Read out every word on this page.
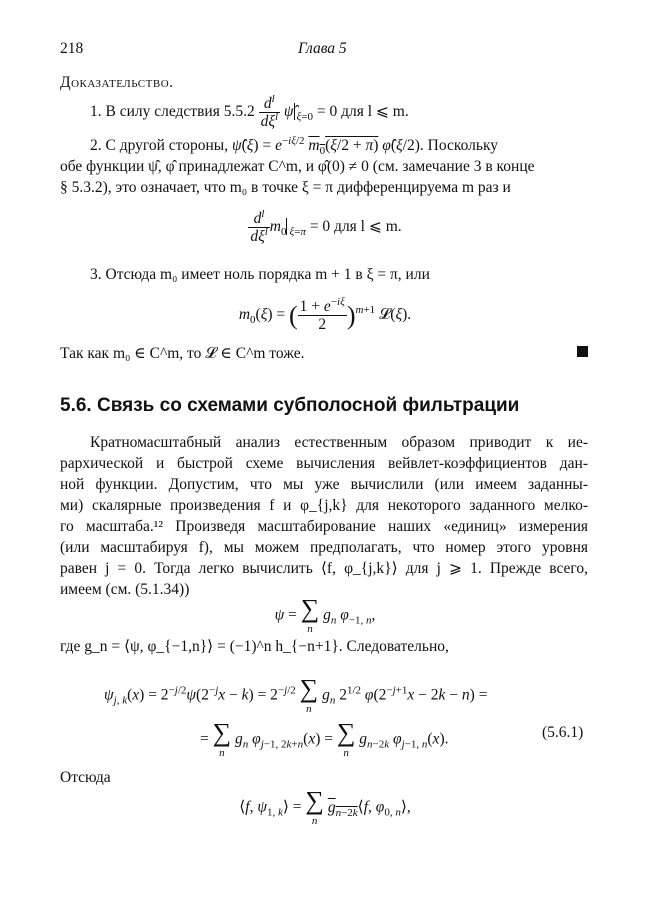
218	Глава 5
Доказательство.
1. В силу следствия $5.5.2 \frac{d^l}{d\xi^l}$ ψ̂ $_{\xi=0}$ = 0 для l ⩽ m.
2. С другой стороны, ψ̂(ξ) = $e^{-i\xi/2}$ $m_0(\xi/2 + \pi)$ φ̂(ξ/2). Поскольку
обе функции ψ̂, φ̂ принадлежат C^m, и φ̂(0) ≠ 0 (см. замечание 3 в конце
§ 5.3.2), это означает, что m₀ в точке ξ = π дифференцируема m раз и
$\frac{d^l}{d\xi^l} m_0$ $_{\xi=\pi}$ = 0 для l ⩽ m.
3. Отсюда m₀ имеет ноль порядка m + 1 в ξ = π, или
$m_0(\xi)$ = ( $\frac{1 + e^{-i\xi}}{2} )^{m+1}$ 𝓛(ξ).
Так как m₀ ∈ C^m, то 𝓛 ∈ C^m тоже.
5.6. Связь со схемами субполосной фильтрации
Кратномасштабный анализ естественным образом приводит к ие-
рархической и быстрой схеме вычисления вейвлет-коэффициентов дан-
ной функции. Допустим, что мы уже вычислили (или имеем заданны-
ми) скалярные произведения f и φ_{j,k} для некоторого заданного мелко-
го масштаба.¹² Произведя масштабирование наших «единиц» измерения
(или масштабируя f), мы можем предполагать, что номер этого уровня
равен j = 0. Тогда легко вычислить ⟨f, φ_{j,k}⟩ для j ⩾ 1. Прежде всего,
имеем (см. (5.1.34))
ψ = ∑
n
$g_n$ $\varphi_{-1, n}$,
где g_n = ⟨ψ, φ_{−1,n}⟩ = (−1)^n h_{−n+1}. Следовательно,
$\psi_{j, k}(x) = 2^{-j/2}\psi(2^{-j}x - k) = 2^{-j/2}$ ∑
n
$g_n$ $2^{1/2}$ $\varphi(2^{-j+1}x - 2k - n)$ =
= ∑
n
$g_n$ $\varphi_{j-1, 2k+n}(x)$ = ∑
n
$g_{n-2k}$ $\varphi_{j-1, n}(x)$.	(5.6.1)
Отсюда
⟨f, $\psi_{1, k}⟩$ = ∑
n
$g_{n-2k}⟨f$, $\varphi_{0, n}⟩$,
